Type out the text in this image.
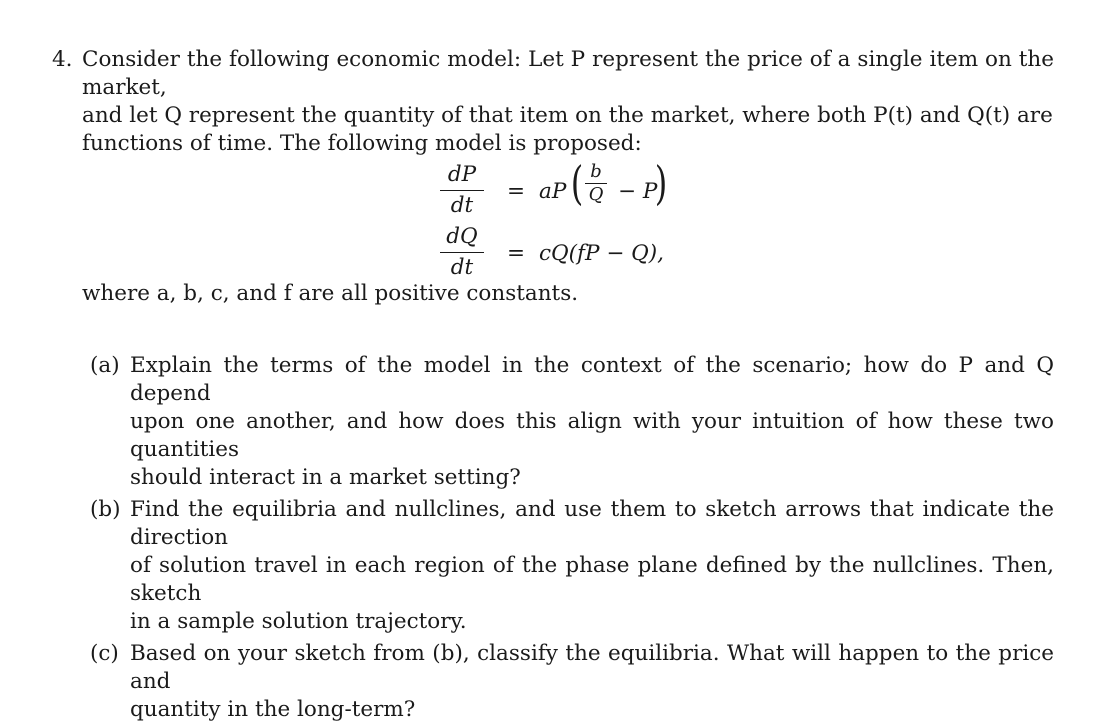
4. Consider the following economic model: Let P represent the price of a single item on the market,
and let Q represent the quantity of that item on the market, where both P(t) and Q(t) are
functions of time. The following model is proposed:
dP
dt
= aP ( b
Q − P
)
dQ
dt
= cQ(fP − Q),
where a, b, c, and f are all positive constants.
(a) Explain the terms of the model in the context of the scenario; how do P and Q depend
upon one another, and how does this align with your intuition of how these two quantities
should interact in a market setting?
(b) Find the equilibria and nullclines, and use them to sketch arrows that indicate the direction
of solution travel in each region of the phase plane defined by the nullclines. Then, sketch
in a sample solution trajectory.
(c) Based on your sketch from (b), classify the equilibria. What will happen to the price and
quantity in the long-term?
